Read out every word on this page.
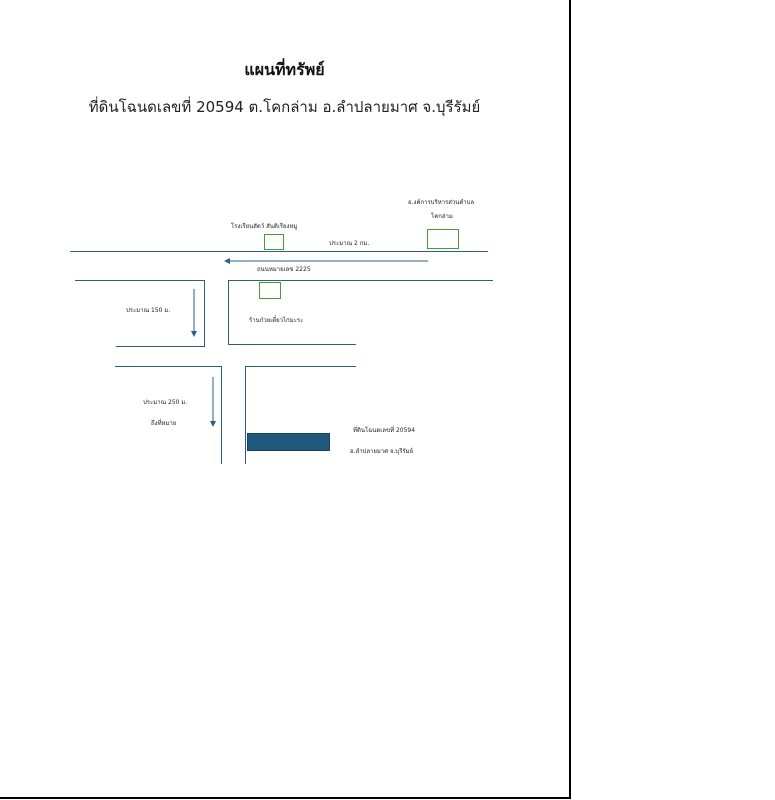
แผนที่ทรัพย์
ที่ดินโฉนดเลขที่ 20594 ต.โคกล่าม อ.ลำปลายมาศ จ.บุรีรัมย์
อ.งค์การบริหารส่วนตำบล
โคกล่าม
โรงเรียนสัตว์ สันติเรียงหมู
ประมาณ 2 กม.
ถนนหมายเลข 2225
ประมาณ 150 ม.
ร้านก๋วยเตี๋ยวไก่มะระ
ประมาณ 250 ม.
ถึงที่หมาย
ที่ดินโฉนดเลขที่ 20594
อ.ลำปลายมาศ จ.บุรีรัมย์
